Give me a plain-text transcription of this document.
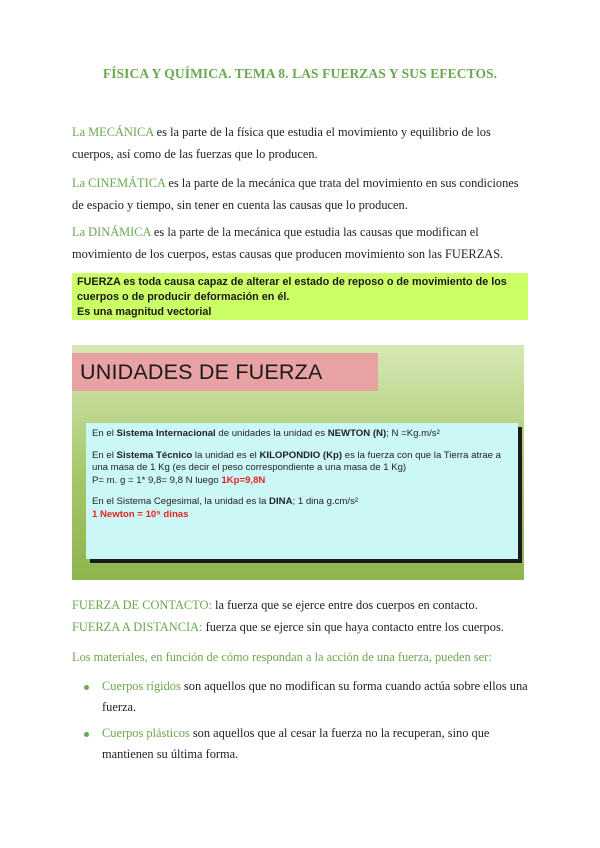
FÍSICA Y QUÍMICA. TEMA 8. LAS FUERZAS Y SUS EFECTOS.
La MECÁNICA es la parte de la física que estudia el movimiento y equilibrio de los cuerpos, así como de las fuerzas que lo producen.
La CINEMÁTICA es la parte de la mecánica que trata del movimiento en sus condiciones de espacio y tiempo, sin tener en cuenta las causas que lo producen.
La DINÁMICA es la parte de la mecánica que estudia las causas que modifican el movimiento de los cuerpos, estas causas que producen movimiento son las FUERZAS.
FUERZA es toda causa capaz de alterar el estado de reposo o de movimiento de los cuerpos o de producir deformación en él.
Es una magnitud vectorial
UNIDADES DE FUERZA

En el Sistema Internacional de unidades la unidad es NEWTON (N); N =Kg.m/s²

En el Sistema Técnico la unidad es el KILOPONDIO (Kp) es la fuerza con que la Tierra atrae a una masa de 1 Kg (es decir el peso correspondiente a una masa de 1 Kg)

P= m. g = 1* 9,8= 9,8 N luego 1Kp=9,8N

En el Sistema Cegesimal, la unidad es la DINA; 1 dina g.cm/s²

1 Newton = 10⁵ dinas

FUERZA DE CONTACTO: la fuerza que se ejerce entre dos cuerpos en contacto.
FUERZA A DISTANCIA: fuerza que se ejerce sin que haya contacto entre los cuerpos.
Los materiales, en función de cómo respondan a la acción de una fuerza, pueden ser:
Cuerpos rígidos son aquellos que no modifican su forma cuando actúa sobre ellos una fuerza.
Cuerpos plásticos son aquellos que al cesar la fuerza no la recuperan, sino que mantienen su última forma.
